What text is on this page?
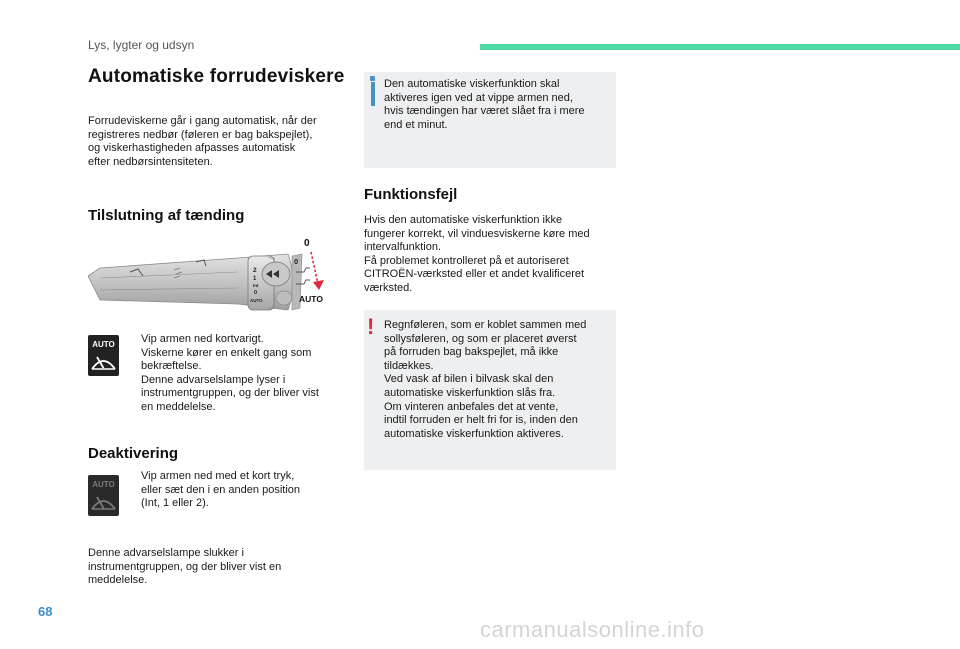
Lys, lygter og udsyn
Automatiske forrudeviskere
Forrudeviskerne går i gang automatisk, når der
registreres nedbør (føleren er bag bakspejlet),
og viskerhastigheden afpasses automatisk
efter nedbørsintensiteten.
Tilslutning af tænding
2
1
Int
0
AUTO
0
0
AUTO
AUTO Vip armen ned kortvarigt.
Viskerne kører en enkelt gang som
bekræftelse.
Denne advarselslampe lyser i
instrumentgruppen, og der bliver vist
en meddelelse.
Deaktivering
AUTO
Vip armen ned med et kort tryk,
eller sæt den i en anden position
(Int, 1 eller 2).
Denne advarselslampe slukker i
instrumentgruppen, og der bliver vist en
meddelelse.
Den automatiske viskerfunktion skal
aktiveres igen ved at vippe armen ned,
hvis tændingen har været slået fra i mere
end et minut.
Funktionsfejl
Hvis den automatiske viskerfunktion ikke
fungerer korrekt, vil vinduesviskerne køre med
intervalfunktion.
Få problemet kontrolleret på et autoriseret
CITROËN-værksted eller et andet kvalificeret
værksted.
! Regnføleren, som er koblet sammen med
sollysføleren, og som er placeret øverst
på forruden bag bakspejlet, må ikke
tildækkes.
Ved vask af bilen i bilvask skal den
automatiske viskerfunktion slås fra.
Om vinteren anbefales det at vente,
indtil forruden er helt fri for is, inden den
automatiske viskerfunktion aktiveres.
68
carmanualsonline.info
